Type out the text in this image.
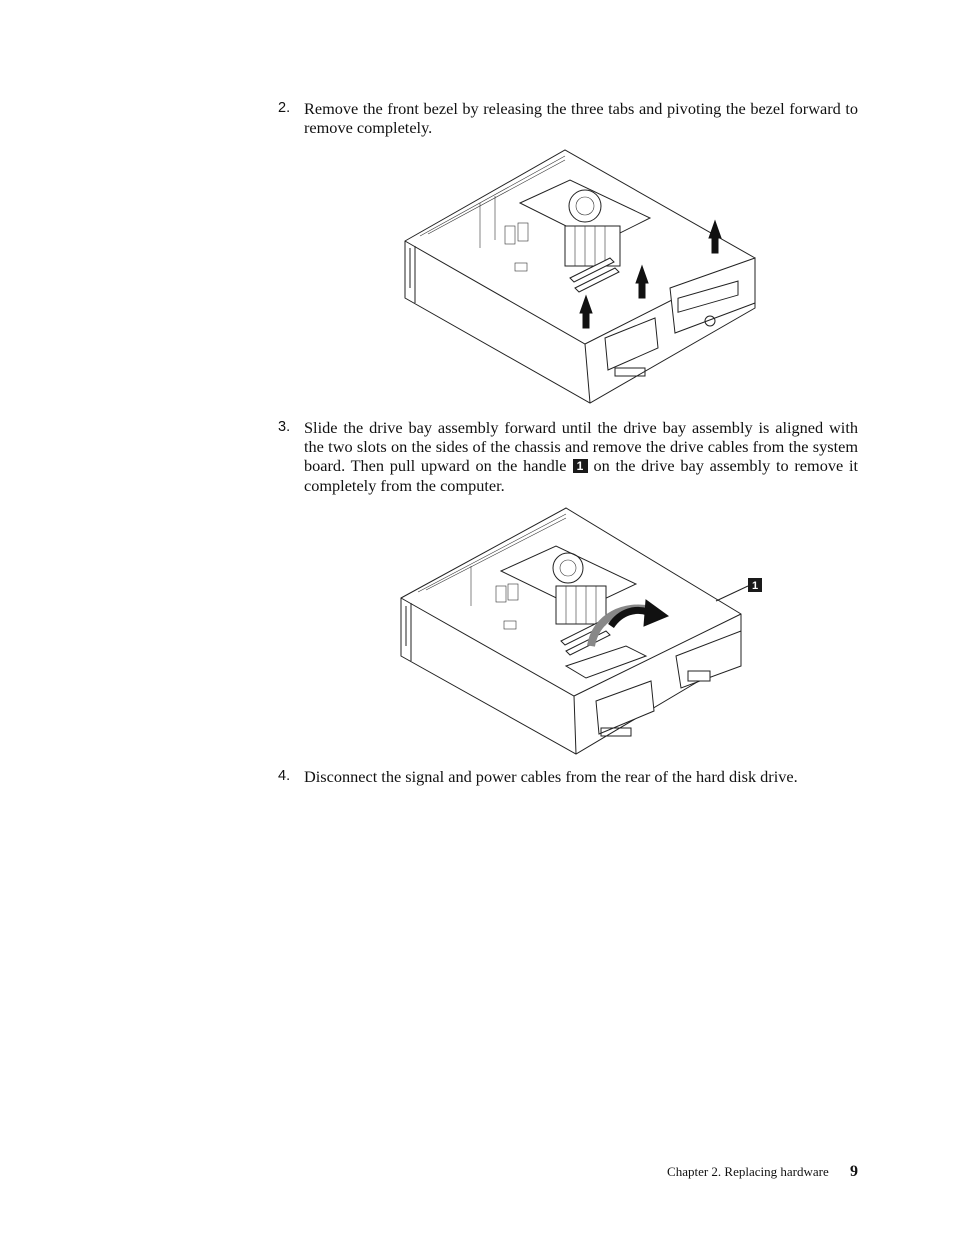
2. Remove the front bezel by releasing the three tabs and pivoting the bezel forward to remove completely.
3. Slide the drive bay assembly forward until the drive bay assembly is aligned with the two slots on the sides of the chassis and remove the drive cables from the system board. Then pull upward on the handle 1 on the drive bay assembly to remove it completely from the computer.
1
4. Disconnect the signal and power cables from the rear of the hard disk drive.
Chapter 2. Replacing hardware 9
